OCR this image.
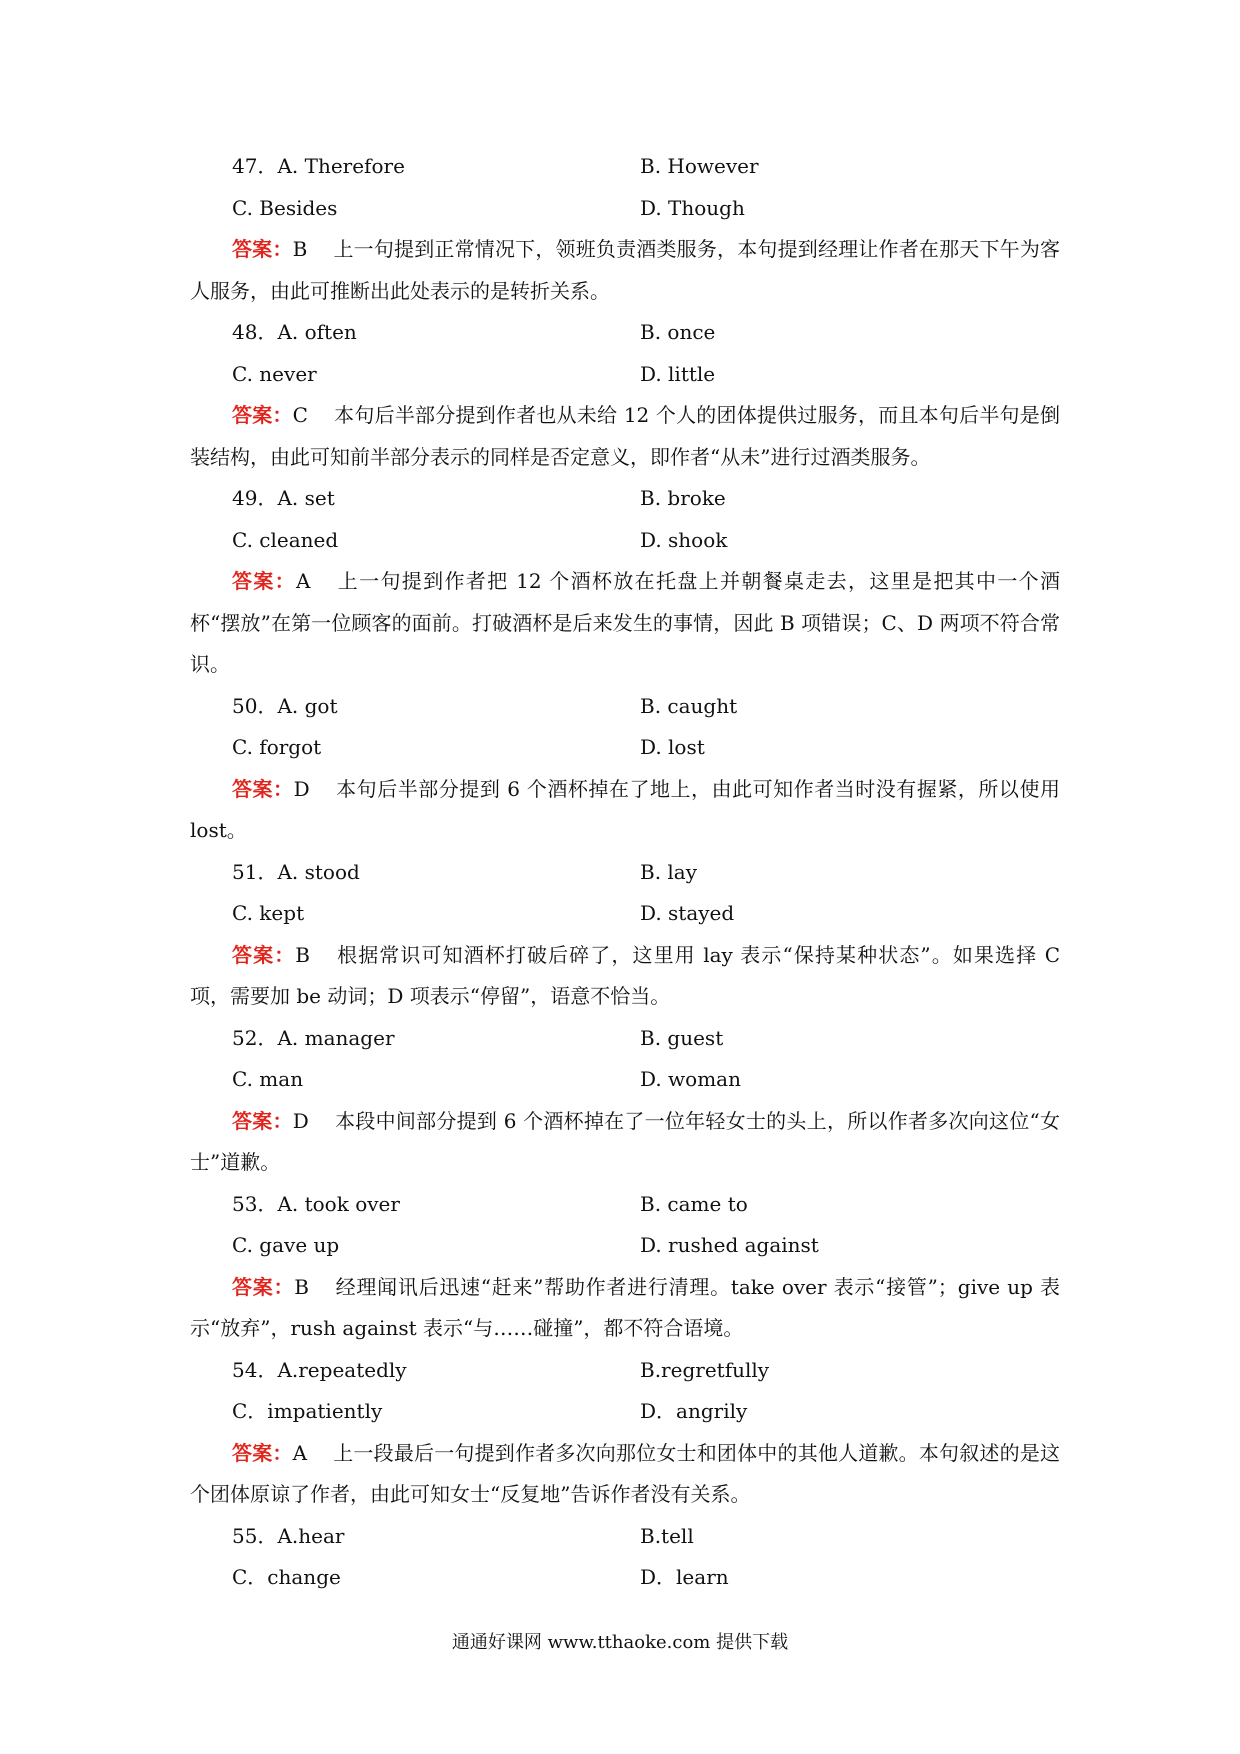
47．A. Therefore	B. However
C. Besides	D. Though

答案：B 上一句提到正常情况下，领班负责酒类服务，本句提到经理让作者在那天下午为客人服务，由此可推断出此处表示的是转折关系。

48．A. often	B. once
C. never	D. little

答案：C 本句后半部分提到作者也从未给 12 个人的团体提供过服务，而且本句后半句是倒装结构，由此可知前半部分表示的同样是否定意义，即作者“从未”进行过酒类服务。

49．A. set	B. broke
C. cleaned	D. shook

答案：A 上一句提到作者把 12 个酒杯放在托盘上并朝餐桌走去，这里是把其中一个酒杯“摆放”在第一位顾客的面前。打破酒杯是后来发生的事情，因此 B 项错误；C、D 两项不符合常识。

50．A. got	B. caught
C. forgot	D. lost

答案：D 本句后半部分提到 6 个酒杯掉在了地上，由此可知作者当时没有握紧，所以使用 lost。

51．A. stood	B. lay
C. kept	D. stayed

答案：B 根据常识可知酒杯打破后碎了，这里用 lay 表示“保持某种状态”。如果选择 C 项，需要加 be 动词；D 项表示“停留”，语意不恰当。

52．A. manager	B. guest
C. man	D. woman

答案：D 本段中间部分提到 6 个酒杯掉在了一位年轻女士的头上，所以作者多次向这位“女士”道歉。

53．A. took over	B. came to
C. gave up	D. rushed against

答案：B 经理闻讯后迅速“赶来”帮助作者进行清理。take over 表示“接管”；give up 表示“放弃”，rush against 表示“与……碰撞”，都不符合语境。

54．A.repeatedly	B.regretfully
C．impatiently	D．angrily

答案：A 上一段最后一句提到作者多次向那位女士和团体中的其他人道歉。本句叙述的是这个团体原谅了作者，由此可知女士“反复地”告诉作者没有关系。

55．A.hear	B.tell
C．change	D．learn
通通好课网 www.tthaoke.com 提供下载
